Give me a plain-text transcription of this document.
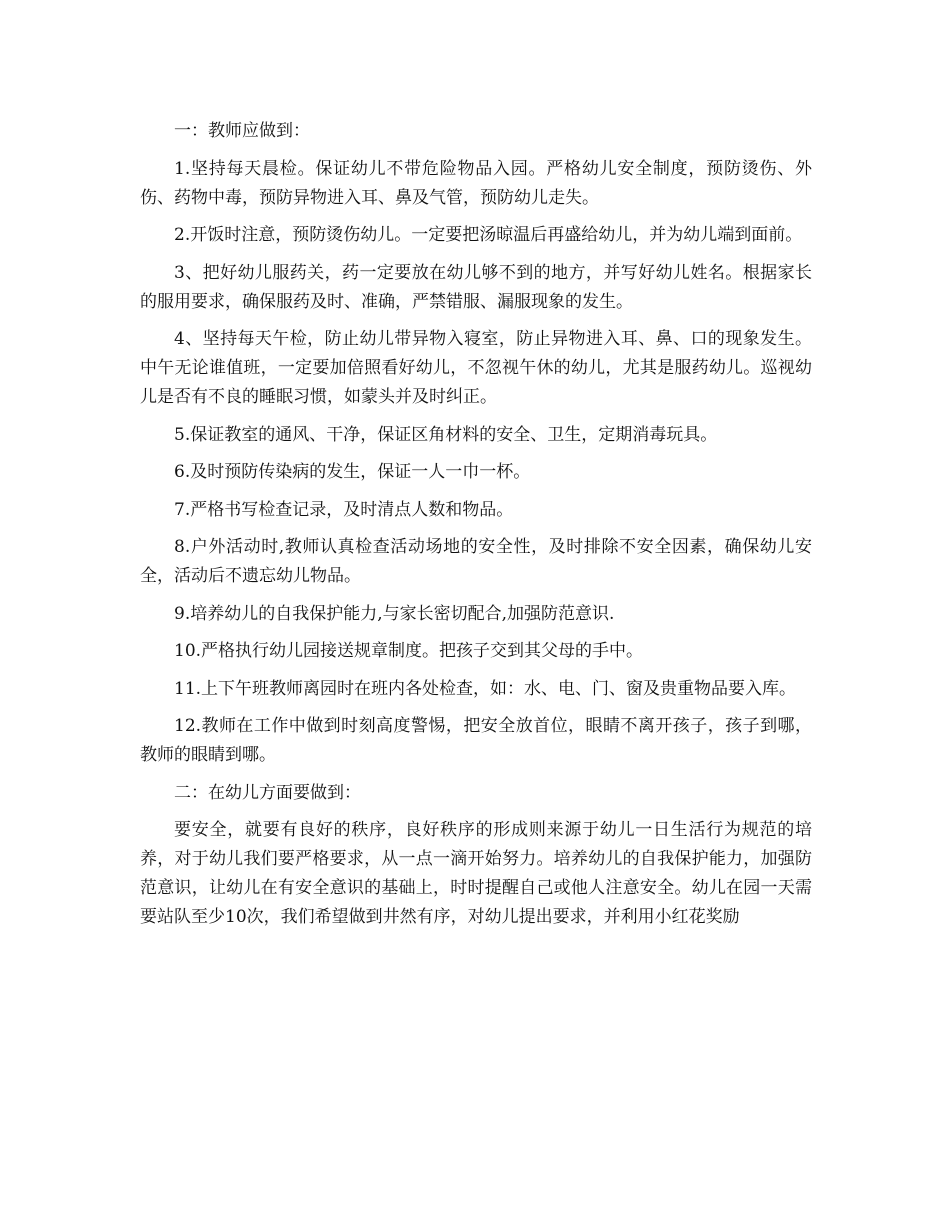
一：教师应做到：

1.坚持每天晨检。保证幼儿不带危险物品入园。严格幼儿安全制度，预防烫伤、外伤、药物中毒，预防异物进入耳、鼻及气管，预防幼儿走失。

2.开饭时注意，预防烫伤幼儿。一定要把汤晾温后再盛给幼儿，并为幼儿端到面前。

3、把好幼儿服药关，药一定要放在幼儿够不到的地方，并写好幼儿姓名。根据家长的服用要求，确保服药及时、准确，严禁错服、漏服现象的发生。

4、坚持每天午检，防止幼儿带异物入寝室，防止异物进入耳、鼻、口的现象发生。中午无论谁值班，一定要加倍照看好幼儿，不忽视午休的幼儿，尤其是服药幼儿。巡视幼儿是否有不良的睡眠习惯，如蒙头并及时纠正。

5.保证教室的通风、干净，保证区角材料的安全、卫生，定期消毒玩具。

6.及时预防传染病的发生，保证一人一巾一杯。

7.严格书写检查记录，及时清点人数和物品。

8.户外活动时,教师认真检查活动场地的安全性，及时排除不安全因素，确保幼儿安全，活动后不遗忘幼儿物品。

9.培养幼儿的自我保护能力,与家长密切配合,加强防范意识.

10.严格执行幼儿园接送规章制度。把孩子交到其父母的手中。

11.上下午班教师离园时在班内各处检查，如：水、电、门、窗及贵重物品要入库。

12.教师在工作中做到时刻高度警惕，把安全放首位，眼睛不离开孩子，孩子到哪，教师的眼睛到哪。

二：在幼儿方面要做到：

要安全，就要有良好的秩序，良好秩序的形成则来源于幼儿一日生活行为规范的培养，对于幼儿我们要严格要求，从一点一滴开始努力。培养幼儿的自我保护能力，加强防范意识，让幼儿在有安全意识的基础上，时时提醒自己或他人注意安全。幼儿在园一天需要站队至少10次，我们希望做到井然有序，对幼儿提出要求，并利用小红花奖励
